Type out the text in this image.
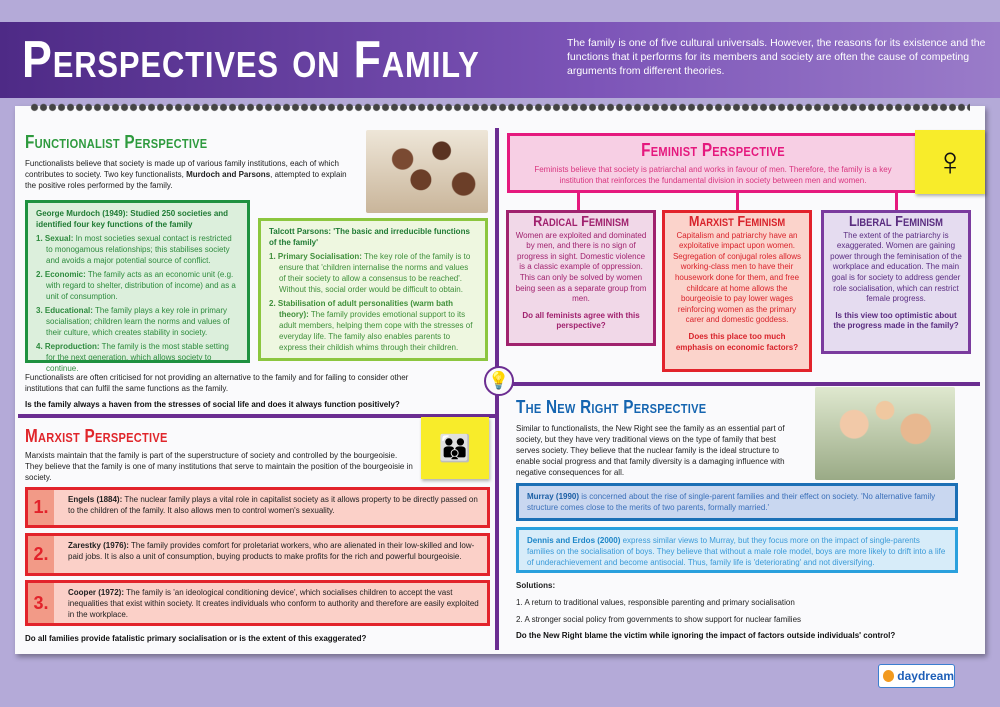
Perspectives on Family	The family is one of five cultural universals. However, the reasons for its existence and the functions that it performs for its members and society are often the cause of competing arguments from different theories.
💡
Functionalist Perspective

Functionalists believe that society is made up of various family institutions, each of which contributes to society. Two key functionalists, Murdoch and Parsons, attempted to explain the positive roles performed by the family.

George Murdoch (1949): Studied 250 societies and identified four key functions of the family
1. Sexual: In most societies sexual contact is restricted to monogamous relationships; this stabilises society and avoids a major potential source of conflict.
2. Economic: The family acts as an economic unit (e.g. with regard to shelter, distribution of income) and as a unit of consumption.
3. Educational: The family plays a key role in primary socialisation; children learn the norms and values of their culture, which creates stability in society.
4. Reproduction: The family is the most stable setting for the next generation, which allows society to continue.
Talcott Parsons: 'The basic and irreducible functions of the family'
1. Primary Socialisation: The key role of the family is to ensure that 'children internalise the norms and values of their society to allow a consensus to be reached'. Without this, social order would be difficult to obtain.
2. Stabilisation of adult personalities (warm bath theory): The family provides emotional support to its adult members, helping them cope with the stresses of everyday life. The family also enables parents to express their childish whims through their children.

Functionalists are often criticised for not providing an alternative to the family and for failing to consider other institutions that can fulfil the same functions as the family.

Is the family always a haven from the stresses of social life and does it always function positively?

Marxist Perspective

Marxists maintain that the family is part of the superstructure of society and controlled by the bourgeoisie. They believe that the family is one of many institutions that serve to maintain the position of the bourgeoisie in society.

👪
1.	Engels (1884): The nuclear family plays a vital role in capitalist society as it allows property to be directly passed on to the children of the family. It also allows men to control women's sexuality.
2.	Zarestky (1976): The family provides comfort for proletariat workers, who are alienated in their low-skilled and low-paid jobs. It is also a unit of consumption, buying products to make profits for the rich and powerful bourgeoisie.
3.	Cooper (1972): The family is 'an ideological conditioning device', which socialises children to accept the vast inequalities that exist within society. It creates individuals who conform to authority and therefore are easily exploited in the workplace.

Do all families provide fatalistic primary socialisation or is the extent of this exaggerated?

Feminist Perspective

Feminists believe that society is patriarchal and works in favour of men. Therefore, the family is a key institution that reinforces the fundamental division in society between men and women.	♀
Radical Feminism
Women are exploited and dominated by men, and there is no sign of progress in sight. Domestic violence is a classic example of oppression. This can only be solved by women being seen as a separate group from men.
Do all feminists agree with this perspective?
Marxist Feminism
Capitalism and patriarchy have an exploitative impact upon women. Segregation of conjugal roles allows working-class men to have their housework done for them, and free childcare at home allows the bourgeoisie to pay lower wages reinforcing women as the primary carer and domestic goddess.
Does this place too much emphasis on economic factors?
Liberal Feminism
The extent of the patriarchy is exaggerated. Women are gaining power through the feminisation of the workplace and education. The main goal is for society to address gender role socialisation, which can restrict female progress.
Is this view too optimistic about the progress made in the family?
The New Right Perspective

Similar to functionalists, the New Right see the family as an essential part of society, but they have very traditional views on the type of family that best serves society. They believe that the nuclear family is the ideal structure to enable social progress and that family diversity is a damaging influence with negative consequences for all.

Murray (1990) is concerned about the rise of single-parent families and their effect on society. 'No alternative family structure comes close to the merits of two parents, formally married.'
Dennis and Erdos (2000) express similar views to Murray, but they focus more on the impact of single-parents families on the socialisation of boys. They believe that without a male role model, boys are more likely to drift into a life of underachievement and become antisocial. Thus, family life is 'deteriorating' and not diversifying.

Solutions:

1. A return to traditional values, responsible parenting and primary socialisation

2. A stronger social policy from governments to show support for nuclear families

Do the New Right blame the victim while ignoring the impact of factors outside individuals' control?

daydream
